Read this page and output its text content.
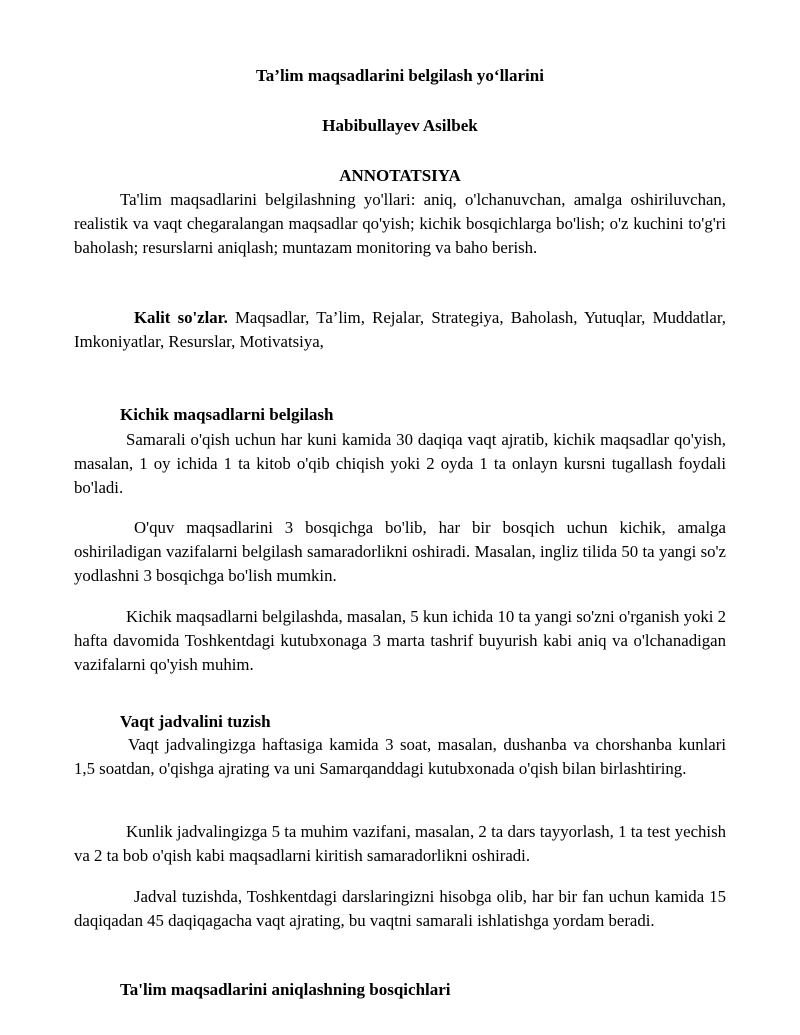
Ta’lim maqsadlarini belgilash yo‘llarini
Habibullayev Asilbek
ANNOTATSIYA

Ta'lim maqsadlarini belgilashning yo'llari: aniq, o'lchanuvchan, amalga oshiriluvchan, realistik va vaqt chegaralangan maqsadlar qo'yish; kichik bosqichlarga bo'lish; o'z kuchini to'g'ri baholash; resurslarni aniqlash; muntazam monitoring va baho berish.

Kalit so'zlar. Maqsadlar, Ta’lim, Rejalar, Strategiya, Baholash, Yutuqlar, Muddatlar, Imkoniyatlar, Resurslar, Motivatsiya,

Kichik maqsadlarni belgilash

Samarali o'qish uchun har kuni kamida 30 daqiqa vaqt ajratib, kichik maqsadlar qo'yish, masalan, 1 oy ichida 1 ta kitob o'qib chiqish yoki 2 oyda 1 ta onlayn kursni tugallash foydali bo'ladi.

O'quv maqsadlarini 3 bosqichga bo'lib, har bir bosqich uchun kichik, amalga oshiriladigan vazifalarni belgilash samaradorlikni oshiradi. Masalan, ingliz tilida 50 ta yangi so'z yodlashni 3 bosqichga bo'lish mumkin.

Kichik maqsadlarni belgilashda, masalan, 5 kun ichida 10 ta yangi so'zni o'rganish yoki 2 hafta davomida Toshkentdagi kutubxonaga 3 marta tashrif buyurish kabi aniq va o'lchanadigan vazifalarni qo'yish muhim.

Vaqt jadvalini tuzish

Vaqt jadvalingizga haftasiga kamida 3 soat, masalan, dushanba va chorshanba kunlari 1,5 soatdan, o'qishga ajrating va uni Samarqanddagi kutubxonada o'qish bilan birlashtiring.

Kunlik jadvalingizga 5 ta muhim vazifani, masalan, 2 ta dars tayyorlash, 1 ta test yechish va 2 ta bob o'qish kabi maqsadlarni kiritish samaradorlikni oshiradi.

Jadval tuzishda, Toshkentdagi darslaringizni hisobga olib, har bir fan uchun kamida 15 daqiqadan 45 daqiqagacha vaqt ajrating, bu vaqtni samarali ishlatishga yordam beradi.

Ta'lim maqsadlarini aniqlashning bosqichlari
